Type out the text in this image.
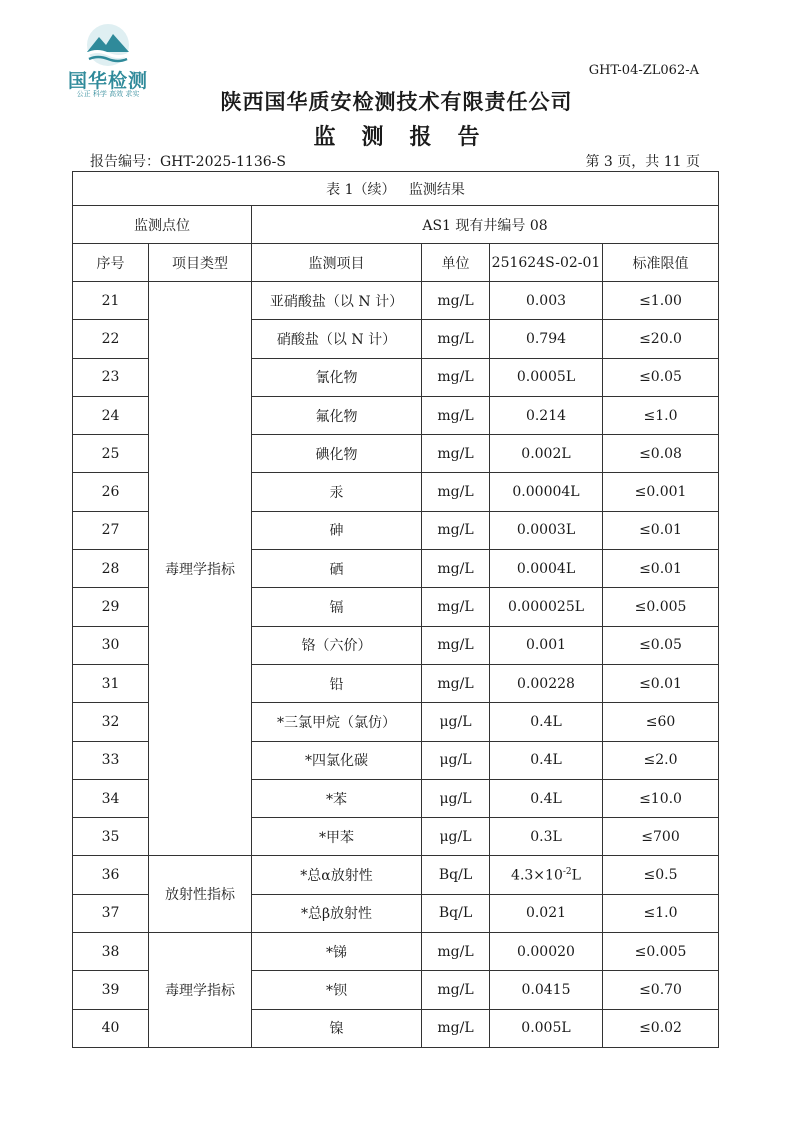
国华检测
公正 科学 高效 求实
GHT-04-ZL062-A
陕西国华质安检测技术有限责任公司
监测报告
报告编号：GHT-2025-1136-S	第 3 页，共 11 页
表 1（续）   监测结果					
监测点位		AS1 现有井编号 08			
序号	项目类型	监测项目	单位	251624S-02-01	标准限值
21	毒理学指标	亚硝酸盐（以 N 计）	mg/L	0.003	≤1.00
22		硝酸盐（以 N 计）	mg/L	0.794	≤20.0
23		氰化物	mg/L	0.0005L	≤0.05
24		氟化物	mg/L	0.214	≤1.0
25		碘化物	mg/L	0.002L	≤0.08
26		汞	mg/L	0.00004L	≤0.001
27		砷	mg/L	0.0003L	≤0.01
28		硒	mg/L	0.0004L	≤0.01
29		镉	mg/L	0.000025L	≤0.005
30		铬（六价）	mg/L	0.001	≤0.05
31		铅	mg/L	0.00228	≤0.01
32		*三氯甲烷（氯仿）	μg/L	0.4L	≤60
33		*四氯化碳	μg/L	0.4L	≤2.0
34		*苯	μg/L	0.4L	≤10.0
35		*甲苯	μg/L	0.3L	≤700
36	放射性指标	*总α放射性	Bq/L	$4.3\times 10^{-2}L$	≤0.5
37		*总β放射性	Bq/L	0.021	≤1.0
38	毒理学指标	*锑	mg/L	0.00020	≤0.005
39		*钡	mg/L	0.0415	≤0.70
40		镍	mg/L	0.005L	≤0.02
